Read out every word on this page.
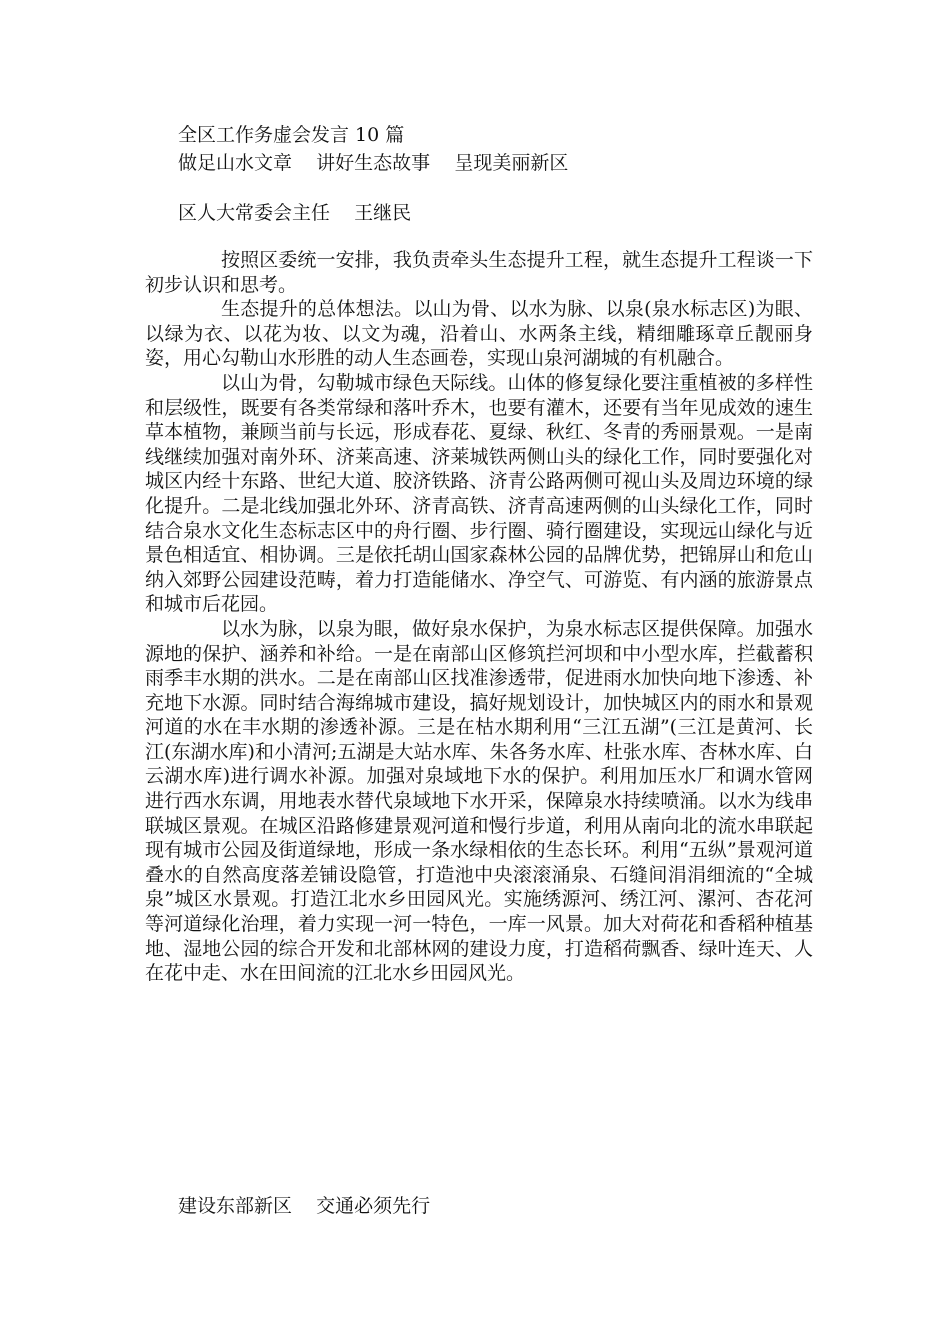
全区工作务虚会发言 10 篇
做足山水文章    讲好生态故事    呈现美丽新区
区人大常委会主任    王继民

按照区委统一安排，我负责牵头生态提升工程，就生态提升工程谈一下初步认识和思考。

生态提升的总体想法。以山为骨、以水为脉、以泉(泉水标志区)为眼、以绿为衣、以花为妆、以文为魂，沿着山、水两条主线，精细雕琢章丘靓丽身姿，用心勾勒山水形胜的动人生态画卷，实现山泉河湖城的有机融合。

以山为骨，勾勒城市绿色天际线。山体的修复绿化要注重植被的多样性和层级性，既要有各类常绿和落叶乔木，也要有灌木，还要有当年见成效的速生草本植物，兼顾当前与长远，形成春花、夏绿、秋红、冬青的秀丽景观。一是南线继续加强对南外环、济莱高速、济莱城铁两侧山头的绿化工作，同时要强化对城区内经十东路、世纪大道、胶济铁路、济青公路两侧可视山头及周边环境的绿化提升。二是北线加强北外环、济青高铁、济青高速两侧的山头绿化工作，同时结合泉水文化生态标志区中的舟行圈、步行圈、骑行圈建设，实现远山绿化与近景色相适宜、相协调。三是依托胡山国家森林公园的品牌优势，把锦屏山和危山纳入郊野公园建设范畴，着力打造能储水、净空气、可游览、有内涵的旅游景点和城市后花园。

以水为脉，以泉为眼，做好泉水保护，为泉水标志区提供保障。加强水源地的保护、涵养和补给。一是在南部山区修筑拦河坝和中小型水库，拦截蓄积雨季丰水期的洪水。二是在南部山区找准渗透带，促进雨水加快向地下渗透、补充地下水源。同时结合海绵城市建设，搞好规划设计，加快城区内的雨水和景观河道的水在丰水期的渗透补源。三是在枯水期利用“三江五湖”(三江是黄河、长江(东湖水库)和小清河;五湖是大站水库、朱各务水库、杜张水库、杏林水库、白云湖水库)进行调水补源。加强对泉域地下水的保护。利用加压水厂和调水管网进行西水东调，用地表水替代泉域地下水开采，保障泉水持续喷涌。以水为线串联城区景观。在城区沿路修建景观河道和慢行步道，利用从南向北的流水串联起现有城市公园及街道绿地，形成一条水绿相依的生态长环。利用“五纵”景观河道叠水的自然高度落差铺设隐管，打造池中央滚滚涌泉、石缝间涓涓细流的“全城泉”城区水景观。打造江北水乡田园风光。实施绣源河、绣江河、漯河、杏花河等河道绿化治理，着力实现一河一特色，一库一风景。加大对荷花和香稻种植基地、湿地公园的综合开发和北部林网的建设力度，打造稻荷飘香、绿叶连天、人在花中走、水在田间流的江北水乡田园风光。

建设东部新区    交通必须先行
